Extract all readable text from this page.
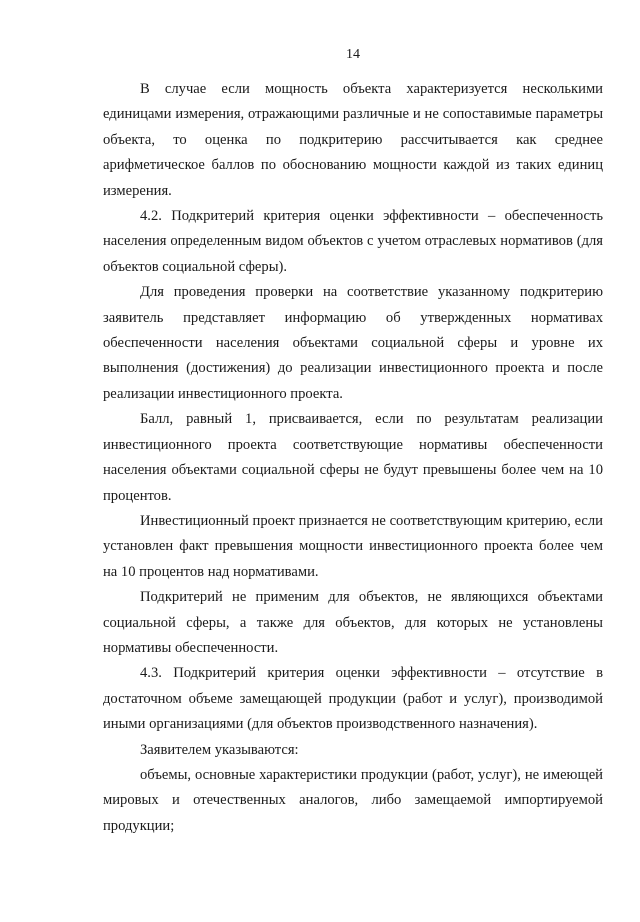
14

В случае если мощность объекта характеризуется несколькими единицами измерения, отражающими различные и не сопоставимые параметры объекта, то оценка по подкритерию рассчитывается как среднее арифметическое баллов по обоснованию мощности каждой из таких единиц измерения.

4.2. Подкритерий критерия оценки эффективности – обеспеченность населения определенным видом объектов с учетом отраслевых нормативов (для объектов социальной сферы).

Для проведения проверки на соответствие указанному подкритерию заявитель представляет информацию об утвержденных нормативах обеспеченности населения объектами социальной сферы и уровне их выполнения (достижения) до реализации инвестиционного проекта и после реализации инвестиционного проекта.

Балл, равный 1, присваивается, если по результатам реализации инвестиционного проекта соответствующие нормативы обеспеченности населения объектами социальной сферы не будут превышены более чем на 10 процентов.

Инвестиционный проект признается не соответствующим критерию, если установлен факт превышения мощности инвестиционного проекта более чем на 10 процентов над нормативами.

Подкритерий не применим для объектов, не являющихся объектами социальной сферы, а также для объектов, для которых не установлены нормативы обеспеченности.

4.3. Подкритерий критерия оценки эффективности – отсутствие в достаточном объеме замещающей продукции (работ и услуг), производимой иными организациями (для объектов производственного назначения).

Заявителем указываются:

объемы, основные характеристики продукции (работ, услуг), не имеющей мировых и отечественных аналогов, либо замещаемой импортируемой продукции;
